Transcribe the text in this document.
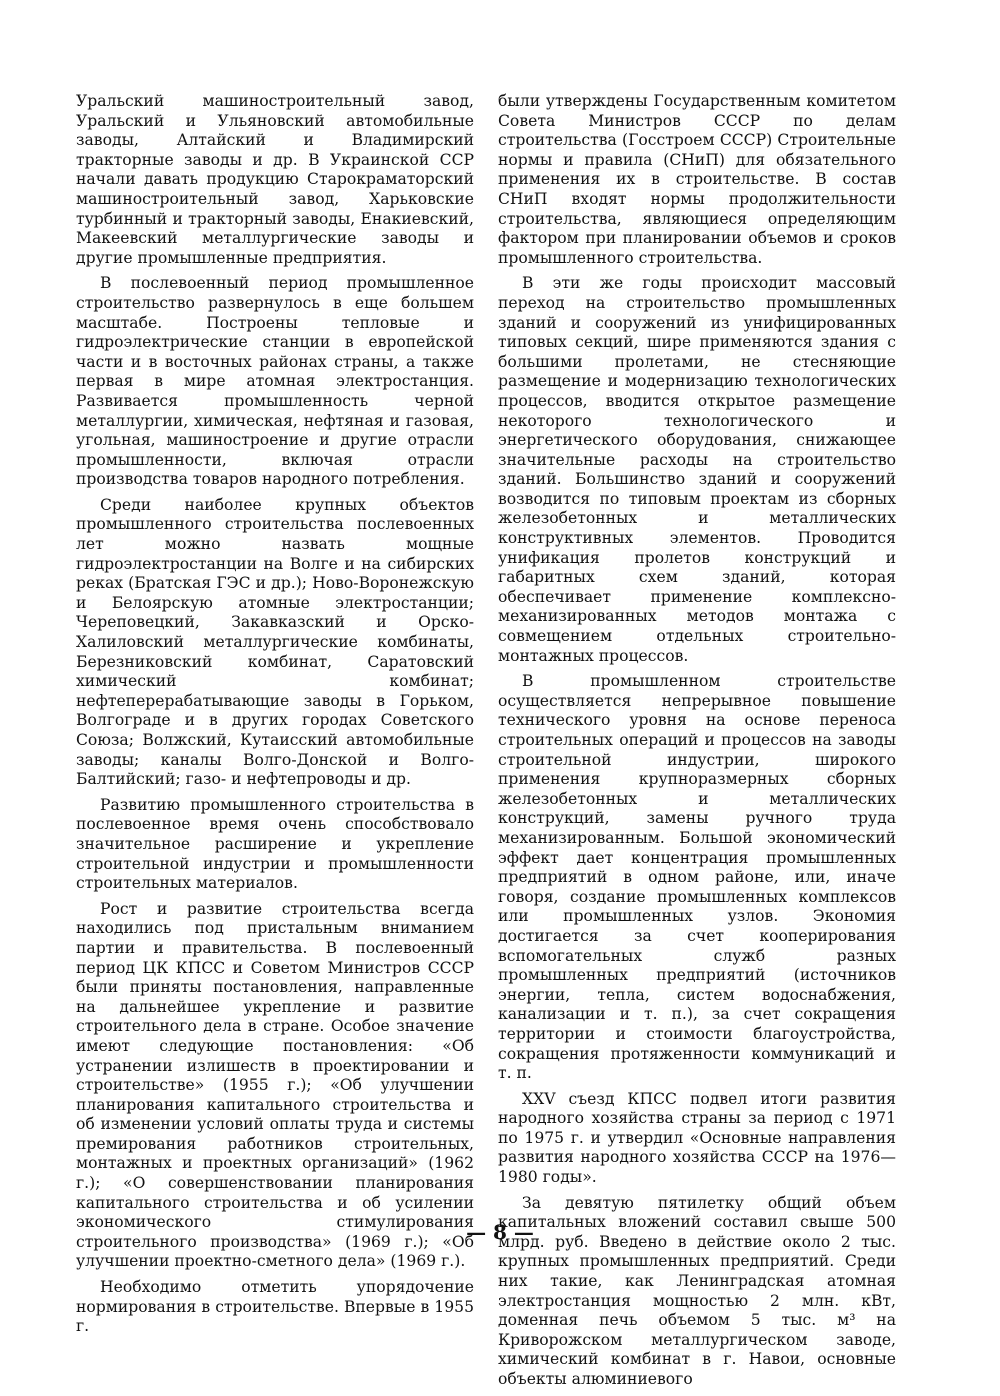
Уральский машиностроительный завод, Уральский и Ульяновский автомобильные заводы, Алтайский и Владимирский тракторные заводы и др. В Украинской ССР начали давать продукцию Старокраматорский машиностроительный завод, Харьковские турбинный и тракторный заводы, Енакиевский, Макеевский металлургические заводы и другие промышленные предприятия.

В послевоенный период промышленное строительство развернулось в еще большем масштабе. Построены тепловые и гидроэлектрические станции в европейской части и в восточных районах страны, а также первая в мире атомная электростанция. Развивается промышленность черной металлургии, химическая, нефтяная и газовая, угольная, машиностроение и другие отрасли промышленности, включая отрасли производства товаров народного потребления.

Среди наиболее крупных объектов промышленного строительства послевоенных лет можно назвать мощные гидроэлектростанции на Волге и на сибирских реках (Братская ГЭС и др.); Ново-Воронежскую и Белоярскую атомные электростанции; Череповецкий, Закавказский и Орско-Халиловский металлургические комбинаты, Березниковский комбинат, Саратовский химический комбинат; нефтеперерабатывающие заводы в Горьком, Волгограде и в других городах Советского Союза; Волжский, Кутаисский автомобильные заводы; каналы Волго-Донской и Волго-Балтийский; газо- и нефтепроводы и др.

Развитию промышленного строительства в послевоенное время очень способствовало значительное расширение и укрепление строительной индустрии и промышленности строительных материалов.

Рост и развитие строительства всегда находились под пристальным вниманием партии и правительства. В послевоенный период ЦК КПСС и Советом Министров СССР были приняты постановления, направленные на дальнейшее укрепление и развитие строительного дела в стране. Особое значение имеют следующие постановления: «Об устранении излишеств в проектировании и строительстве» (1955 г.); «Об улучшении планирования капитального строительства и об изменении условий оплаты труда и системы премирования работников строительных, монтажных и проектных организаций» (1962 г.); «О совершенствовании планирования капитального строительства и об усилении экономического стимулирования строительного производства» (1969 г.); «Об улучшении проектно-сметного дела» (1969 г.).

Необходимо отметить упорядочение нормирования в строительстве. Впервые в 1955 г.

были утверждены Государственным комитетом Совета Министров СССР по делам строительства (Госстроем СССР) Строительные нормы и правила (СНиП) для обязательного применения их в строительстве. В состав СНиП входят нормы продолжительности строительства, являющиеся определяющим фактором при планировании объемов и сроков промышленного строительства.

В эти же годы происходит массовый переход на строительство промышленных зданий и сооружений из унифицированных типовых секций, шире применяются здания с большими пролетами, не стесняющие размещение и модернизацию технологических процессов, вводится открытое размещение некоторого технологического и энергетического оборудования, снижающее значительные расходы на строительство зданий. Большинство зданий и сооружений возводится по типовым проектам из сборных железобетонных и металлических конструктивных элементов. Проводится унификация пролетов конструкций и габаритных схем зданий, которая обеспечивает применение комплексно-механизированных методов монтажа с совмещением отдельных строительно-монтажных процессов.

В промышленном строительстве осуществляется непрерывное повышение технического уровня на основе переноса строительных операций и процессов на заводы строительной индустрии, широкого применения крупноразмерных сборных железобетонных и металлических конструкций, замены ручного труда механизированным. Большой экономический эффект дает концентрация промышленных предприятий в одном районе, или, иначе говоря, создание промышленных комплексов или промышленных узлов. Экономия достигается за счет кооперирования вспомогательных служб разных промышленных предприятий (источников энергии, тепла, систем водоснабжения, канализации и т. п.), за счет сокращения территории и стоимости благоустройства, сокращения протяженности коммуникаций и т. п.

XXV съезд КПСС подвел итоги развития народного хозяйства страны за период с 1971 по 1975 г. и утвердил «Основные направления развития народного хозяйства СССР на 1976—1980 годы».

За девятую пятилетку общий объем капитальных вложений составил свыше 500 млрд. руб. Введено в действие около 2 тыс. крупных промышленных предприятий. Среди них такие, как Ленинградская атомная электростанция мощностью 2 млн. кВт, доменная печь объемом 5 тыс. м³ на Криворожском металлургическом заводе, химический комбинат в г. Навои, основные объекты алюминиевого

— 8 —
